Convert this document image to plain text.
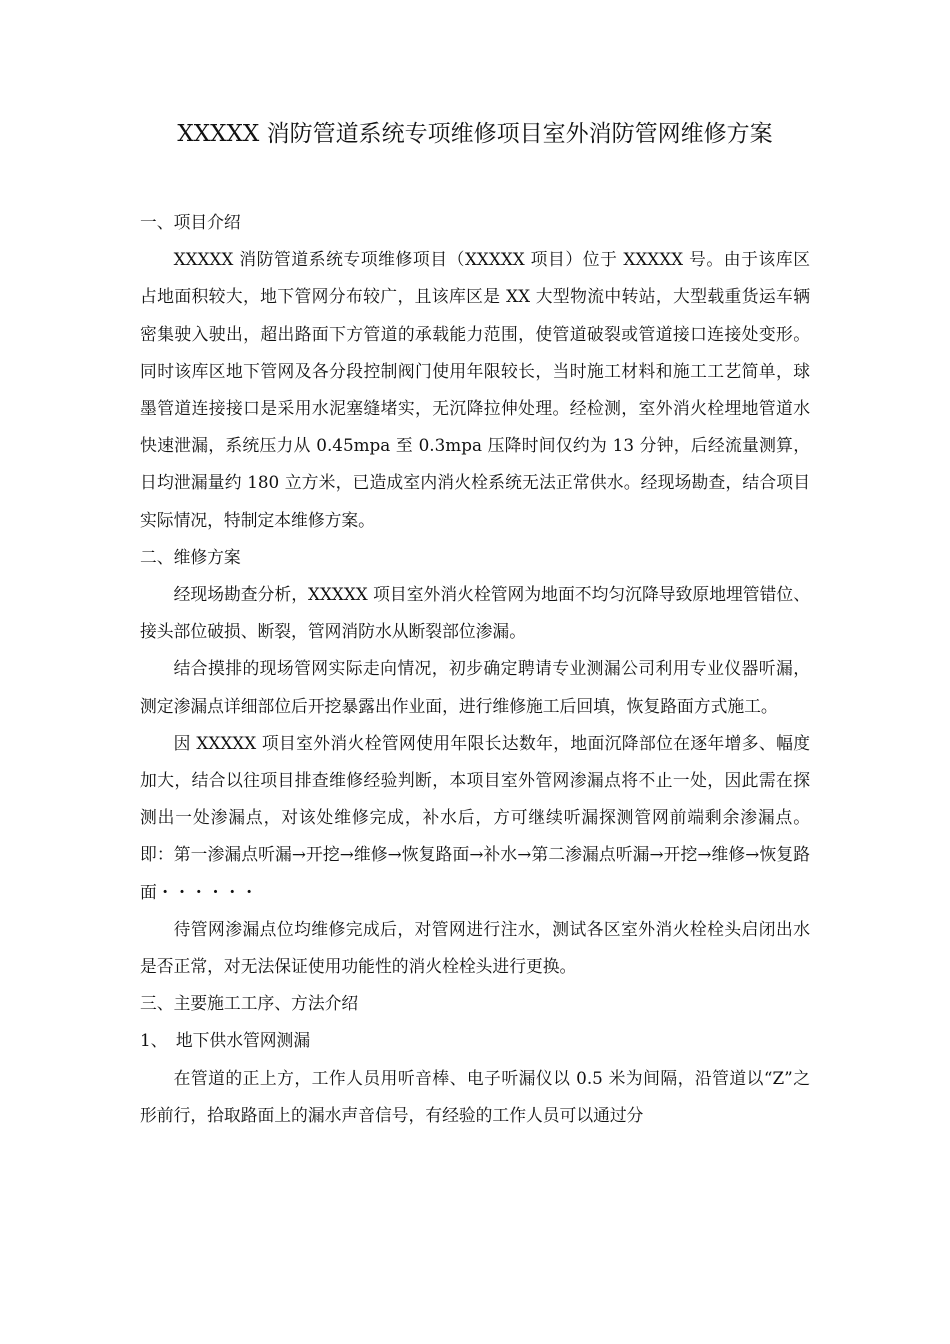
XXXXX 消防管道系统专项维修项目室外消防管网维修方案

一、项目介绍

XXXXX 消防管道系统专项维修项目（XXXXX 项目）位于 XXXXX 号。由于该库区占地面积较大，地下管网分布较广，且该库区是 XX 大型物流中转站，大型载重货运车辆密集驶入驶出，超出路面下方管道的承载能力范围，使管道破裂或管道接口连接处变形。同时该库区地下管网及各分段控制阀门使用年限较长，当时施工材料和施工工艺简单，球墨管道连接接口是采用水泥塞缝堵实，无沉降拉伸处理。经检测，室外消火栓埋地管道水快速泄漏，系统压力从 0.45mpa 至 0.3mpa 压降时间仅约为 13 分钟，后经流量测算，日均泄漏量约 180 立方米，已造成室内消火栓系统无法正常供水。经现场勘查，结合项目实际情况，特制定本维修方案。

二、维修方案

经现场勘查分析，XXXXX 项目室外消火栓管网为地面不均匀沉降导致原地埋管错位、接头部位破损、断裂，管网消防水从断裂部位渗漏。

结合摸排的现场管网实际走向情况，初步确定聘请专业测漏公司利用专业仪器听漏，测定渗漏点详细部位后开挖暴露出作业面，进行维修施工后回填，恢复路面方式施工。

因 XXXXX 项目室外消火栓管网使用年限长达数年，地面沉降部位在逐年增多、幅度加大，结合以往项目排查维修经验判断，本项目室外管网渗漏点将不止一处，因此需在探测出一处渗漏点，对该处维修完成，补水后，方可继续听漏探测管网前端剩余渗漏点。即：第一渗漏点听漏→开挖→维修→恢复路面→补水→第二渗漏点听漏→开挖→维修→恢复路面・・・・・・

待管网渗漏点位均维修完成后，对管网进行注水，测试各区室外消火栓栓头启闭出水是否正常，对无法保证使用功能性的消火栓栓头进行更换。

三、主要施工工序、方法介绍

1、　地下供水管网测漏

在管道的正上方，工作人员用听音棒、电子听漏仪以 0.5 米为间隔，沿管道以“Z”之形前行，拾取路面上的漏水声音信号，有经验的工作人员可以通过分
